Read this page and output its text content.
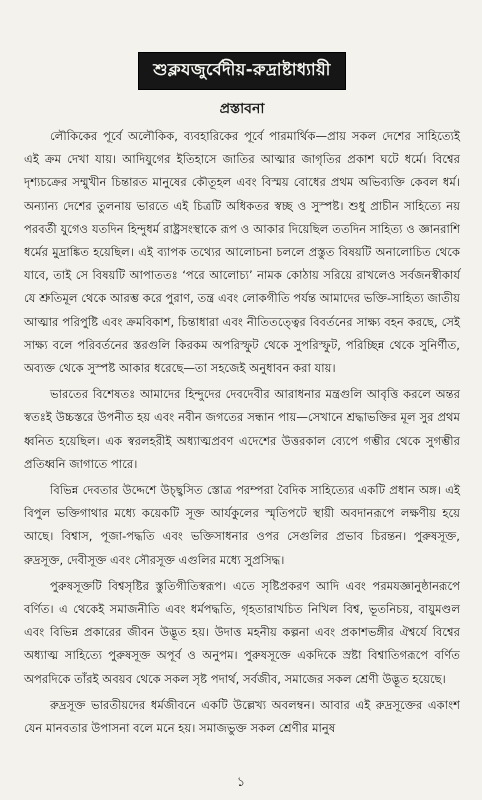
শুক্লযজুর্বেদীয়-রুদ্রাষ্টাধ্যায়ী
প্রস্তাবনা

লৌকিকের পূর্বে অলৌকিক, ব্যবহারিকের পূর্বে পারমার্থিক—প্রায় সকল দেশের সাহিত্যেই এই ক্রম দেখা যায়। আদিযুগের ইতিহাসে জাতির আত্মার জাগৃতির প্রকাশ ঘটে ধর্মে। বিশ্বের দৃশ্যচক্রের সম্মুখীন চিন্তারত মানুষের কৌতূহল এবং বিস্ময় বোধের প্রথম অভিব্যক্তি কেবল ধর্ম। অন্যান্য দেশের তুলনায় ভারতে এই চিত্রটি অধিকতর স্বচ্ছ ও সুস্পষ্ট। শুধু প্রাচীন সাহিত্যে নয় পরবর্তী যুগেও যতদিন হিন্দুধর্ম রাষ্ট্রসংস্থাকে রূপ ও আকার দিয়েছিল ততদিন সাহিত্য ও জ্ঞানরাশি ধর্মের মুদ্রাঙ্কিত হয়েছিল। এই ব্যাপক তথ্যের আলোচনা চললে প্রস্তুত বিষয়টি অনালোচিত থেকে যাবে, তাই সে বিষয়টি আপাততঃ ‘পরে আলোচ্য’ নামক কোঠায় সরিয়ে রাখলেও সর্বজনস্বীকার্য যে শ্রুতিমূল থেকে আরম্ভ করে পুরাণ, তন্ত্র এবং লোকগীতি পর্যন্ত আমাদের ভক্তি-সাহিত্য জাতীয় আত্মার পরিপুষ্টি এবং ক্রমবিকাশ, চিন্তাধারা এবং নীতিতত্ত্বের বিবর্তনের সাক্ষ্য বহন করছে, সেই সাক্ষ্য বলে পরিবর্তনের স্তরগুলি কিরকম অপরিস্ফুট থেকে সুপরিস্ফুট, পরিচ্ছিন্ন থেকে সুনির্ণীত, অব্যক্ত থেকে সুস্পষ্ট আকার ধরেছে—তা সহজেই অনুধাবন করা যায়।

ভারতের বিশেষতঃ আমাদের হিন্দুদের দেবদেবীর আরাধনার মন্ত্রগুলি আবৃত্তি করলে অন্তর স্বতঃই উচ্চস্তরে উপনীত হয় এবং নবীন জগতের সন্ধান পায়—সেখানে শ্রদ্ধাভক্তির মূল সুর প্রথম ধ্বনিত হয়েছিল। এক স্বরলহরীই অধ্যাত্মপ্রবণ এদেশের উত্তরকাল ব্যেপে গম্ভীর থেকে সুগম্ভীর প্রতিধ্বনি জাগাতে পারে।

বিভিন্ন দেবতার উদ্দেশে উচ্ছ্বসিত স্তোত্র পরম্পরা বৈদিক সাহিত্যের একটি প্রধান অঙ্গ। এই বিপুল ভক্তিগাথার মধ্যে কয়েকটি সূক্ত আর্যকুলের স্মৃতিপটে স্থায়ী অবদানরূপে লক্ষণীয় হয়ে আছে। বিশ্বাস, পূজা-পদ্ধতি এবং ভক্তিসাধনার ওপর সেগুলির প্রভাব চিরন্তন। পুরুষসূক্ত, রুদ্রসূক্ত, দেবীসূক্ত এবং সৌরসূক্ত এগুলির মধ্যে সুপ্রসিদ্ধ।

পুরুষসূক্তটি বিশ্বসৃষ্টির স্তুতিগীতিস্বরূপ। এতে সৃষ্টিপ্রকরণ আদি এবং পরমযজ্ঞানুষ্ঠানরূপে বর্ণিত। এ থেকেই সমাজনীতি এবং ধর্মপদ্ধতি, গৃহতারাখচিত নিখিল বিশ্ব, ভূতনিচয়, বায়ুমণ্ডল এবং বিভিন্ন প্রকারের জীবন উদ্ভূত হয়। উদাত্ত মহনীয় কল্পনা এবং প্রকাশভঙ্গীর ঐশ্বর্যে বিশ্বের অধ্যাত্ম সাহিত্যে পুরুষসূক্ত অপূর্ব ও অনুপম। পুরুষসূক্তে একদিকে স্রষ্টা বিশ্বাতিগরূপে বর্ণিত অপরদিকে তাঁরই অবয়ব থেকে সকল সৃষ্ট পদার্থ, সর্বজীব, সমাজের সকল শ্রেণী উদ্ভূত হয়েছে।

রুদ্রসূক্ত ভারতীয়দের ধর্মজীবনে একটি উল্লেখ্য অবলম্বন। আবার এই রুদ্রসূক্তের একাংশ যেন মানবতার উপাসনা বলে মনে হয়। সমাজভুক্ত সকল শ্রেণীর মানুষ

১
